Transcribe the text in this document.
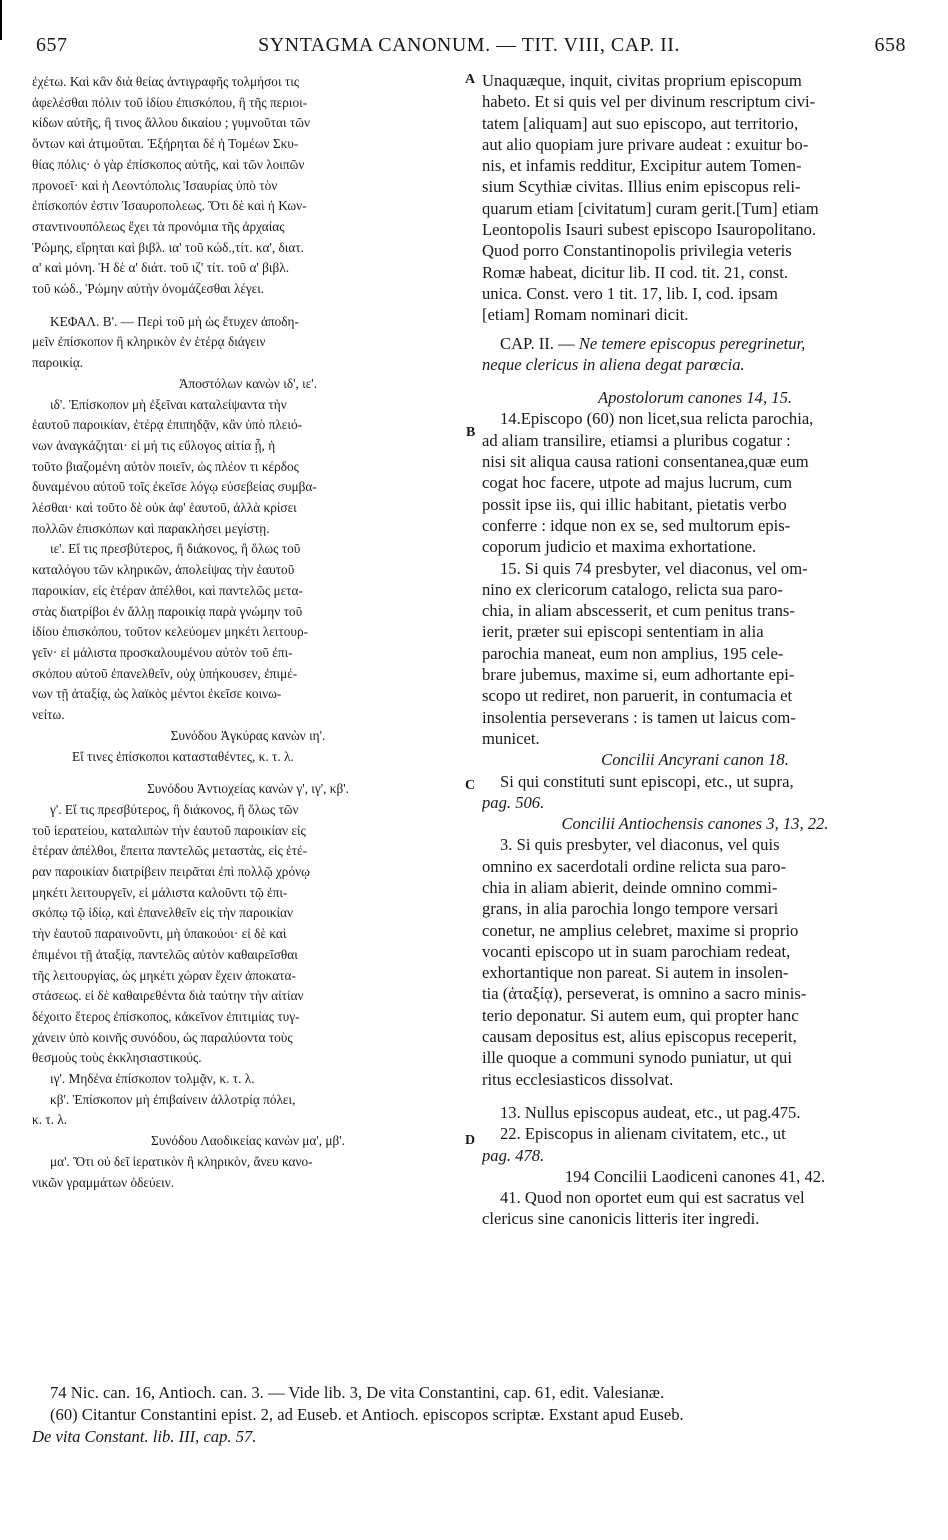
657	SYNTAGMA CANONUM. — TIT. VIII, CAP. II.	658
A
B
C
D
ἐχέτω. Καὶ κἂν διὰ θείας ἀντιγραφῆς τολμήσοι τις
ἀφελέσθαι πόλιν τοῦ ἰδίου ἐπισκόπου, ἢ τῆς περιοι-
κίδων αὐτῆς, ἢ τινος ἄλλου δικαίου ; γυμνοῦται τῶν
ὄντων καὶ ἀτιμοῦται. Ἐξήρηται δὲ ἡ Τομέων Σκυ-
θίας πόλις· ὁ γὰρ ἐπίσκοπος αὐτῆς, καὶ τῶν λοιπῶν
προνοεῖ· καὶ ἡ Λεοντόπολις Ἰσαυρίας ὑπὸ τὸν
ἐπίσκοπόν ἐστιν Ἰσαυροπολεως. Ὅτι δὲ καὶ ἡ Κων-
σταντινουπόλεως ἔχει τὰ προνόμια τῆς ἀρχαίας
Ῥώμης, εἴρηται καὶ βιβλ. ια' τοῦ κώδ.,τίτ. κα', διατ.
α' καὶ μόνη. Ἡ δὲ α' διάτ. τοῦ ιζ' τίτ. τοῦ α' βιβλ.
τοῦ κώδ., Ῥώμην αὐτὴν ὀνομάζεσθαι λέγει.
ΚΕΦΑΛ. Β'. — Περὶ τοῦ μὴ ὡς ἔτυχεν ἀποδη-
μεῖν ἐπίσκοπον ἢ κληρικὸν ἐν ἑτέρᾳ διάγειν
παροικίᾳ.
Ἀποστόλων κανὼν ιδ', ιε'.
ιδ'. Ἐπίσκοπον μὴ ἐξεῖναι καταλείψαντα τὴν
ἑαυτοῦ παροικίαν, ἑτέρᾳ ἐπιπηδᾷν, κἂν ὑπὸ πλειό-
νων ἀναγκάζηται· εἰ μή τις εὔλογος αἰτία ᾖ, ἡ
τοῦτο βιαζομένη αὐτὸν ποιεῖν, ὡς πλέον τι κέρδος
δυναμένου αὐτοῦ τοῖς ἐκεῖσε λόγῳ εὐσεβείας συμβα-
λέσθαι· καὶ τοῦτο δὲ οὐκ ἀφ' ἑαυτοῦ, ἀλλὰ κρίσει
πολλῶν ἐπισκόπων καὶ παρακλήσει μεγίστῃ.
ιε'. Εἴ τις πρεσβύτερος, ἢ διάκονος, ἢ ὅλως τοῦ
καταλόγου τῶν κληρικῶν, ἀπολείψας τὴν ἑαυτοῦ
παροικίαν, εἰς ἑτέραν ἀπέλθοι, καὶ παντελῶς μετα-
στὰς διατρίβοι ἐν ἄλλῃ παροικίᾳ παρὰ γνώμην τοῦ
ἰδίου ἐπισκόπου, τοῦτον κελεύομεν μηκέτι λειτουρ-
γεῖν· εἰ μάλιστα προσκαλουμένου αὐτὸν τοῦ ἐπι-
σκόπου αὐτοῦ ἐπανελθεῖν, οὐχ ὑπήκουσεν, ἐπιμέ-
νων τῇ ἀταξίᾳ, ὡς λαϊκὸς μέντοι ἐκεῖσε κοινω-
νείτω.
Συνόδου Ἀγκύρας κανὼν ιη'.
Εἴ τινες ἐπίσκοποι κατασταθέντες, κ. τ. λ.
Συνόδου Ἀντιοχείας κανὼν γ', ιγ', κβ'.
γ'. Εἴ τις πρεσβύτερος, ἢ διάκονος, ἢ ὅλως τῶν
τοῦ ἱερατείου, καταλιπὼν τὴν ἑαυτοῦ παροικίαν εἰς
ἑτέραν ἀπέλθοι, ἔπειτα παντελῶς μεταστὰς, εἰς ἑτέ-
ραν παροικίαν διατρίβειν πειρᾶται ἐπὶ πολλῷ χρόνῳ
μηκέτι λειτουργεῖν, εἰ μάλιστα καλοῦντι τῷ ἐπι-
σκόπῳ τῷ ἰδίῳ, καὶ ἐπανελθεῖν εἰς τὴν παροικίαν
τὴν ἑαυτοῦ παραινοῦντι, μὴ ὑπακούοι· εἰ δὲ καὶ
ἐπιμένοι τῇ ἀταξίᾳ, παντελῶς αὐτὸν καθαιρεῖσθαι
τῆς λειτουργίας, ὡς μηκέτι χώραν ἔχειν ἀποκατα-
στάσεως. εἰ δὲ καθαιρεθέντα διὰ ταύτην τὴν αἰτίαν
δέχοιτο ἕτερος ἐπίσκοπος, κἀκεῖνον ἐπιτιμίας τυγ-
χάνειν ὑπὸ κοινῆς συνόδου, ὡς παραλύοντα τοὺς
θεσμοὺς τοὺς ἐκκλησιαστικούς.
ιγ'. Μηδένα ἐπίσκοπον τολμᾷν, κ. τ. λ.
κβ'. Ἐπίσκοπον μὴ ἐπιβαίνειν ἀλλοτρίᾳ πόλει,
κ. τ. λ.
Συνόδου Λαοδικείας κανὼν μα', μβ'.
μα'. Ὅτι οὐ δεῖ ἱερατικὸν ἢ κληρικὸν, ἄνευ κανο-
νικῶν γραμμάτων ὁδεύειν.
Unaquæque, inquit, civitas proprium episcopum
habeto. Et si quis vel per divinum rescriptum civi-
tatem [aliquam] aut suo episcopo, aut territorio,
aut alio quopiam jure privare audeat : exuitur bo-
nis, et infamis redditur, Excipitur autem Tomen-
sium Scythiæ civitas. Illius enim episcopus reli-
quarum etiam [civitatum] curam gerit.[Tum] etiam
Leontopolis Isauri subest episcopo Isauropolitano.
Quod porro Constantinopolis privilegia veteris
Romæ habeat, dicitur lib. II cod. tit. 21, const.
unica. Const. vero 1 tit. 17, lib. I, cod. ipsam
[etiam] Romam nominari dicit.
CAP. II. — Ne temere episcopus peregrinetur,
neque clericus in aliena degat parœcia.
Apostolorum canones 14, 15.
14.Episcopo (60) non licet,sua relicta parochia,
ad aliam transilire, etiamsi a pluribus cogatur :
nisi sit aliqua causa rationi consentanea,quæ eum
cogat hoc facere, utpote ad majus lucrum, cum
possit ipse iis, qui illic habitant, pietatis verbo
conferre : idque non ex se, sed multorum epis-
coporum judicio et maxima exhortatione.
15. Si quis 74 presbyter, vel diaconus, vel om-
nino ex clericorum catalogo, relicta sua paro-
chia, in aliam abscesserit, et cum penitus trans-
ierit, præter sui episcopi sententiam in alia
parochia maneat, eum non amplius, 195 cele-
brare jubemus, maxime si, eum adhortante epi-
scopo ut rediret, non paruerit, in contumacia et
insolentia perseverans : is tamen ut laicus com-
municet.
Concilii Ancyrani canon 18.
Si qui constituti sunt episcopi, etc., ut supra,
pag. 506.
Concilii Antiochensis canones 3, 13, 22.
3. Si quis presbyter, vel diaconus, vel quis
omnino ex sacerdotali ordine relicta sua paro-
chia in aliam abierit, deinde omnino commi-
grans, in alia parochia longo tempore versari
conetur, ne amplius celebret, maxime si proprio
vocanti episcopo ut in suam parochiam redeat,
exhortantique non pareat. Si autem in insolen-
tia (ἀταξίᾳ), perseverat, is omnino a sacro minis-
terio deponatur. Si autem eum, qui propter hanc
causam depositus est, alius episcopus receperit,
ille quoque a communi synodo puniatur, ut qui
ritus ecclesiasticos dissolvat.
13. Nullus episcopus audeat, etc., ut pag.475.
22. Episcopus in alienam civitatem, etc., ut
pag. 478.
194 Concilii Laodiceni canones 41, 42.
41. Quod non oportet eum qui est sacratus vel
clericus sine canonicis litteris iter ingredi.
74 Nic. can. 16, Antioch. can. 3. — Vide lib. 3, De vita Constantini, cap. 61, edit. Valesianæ.
(60) Citantur Constantini epist. 2, ad Euseb. et Antioch. episcopos scriptæ. Exstant apud Euseb.
De vita Constant. lib. III, cap. 57.
